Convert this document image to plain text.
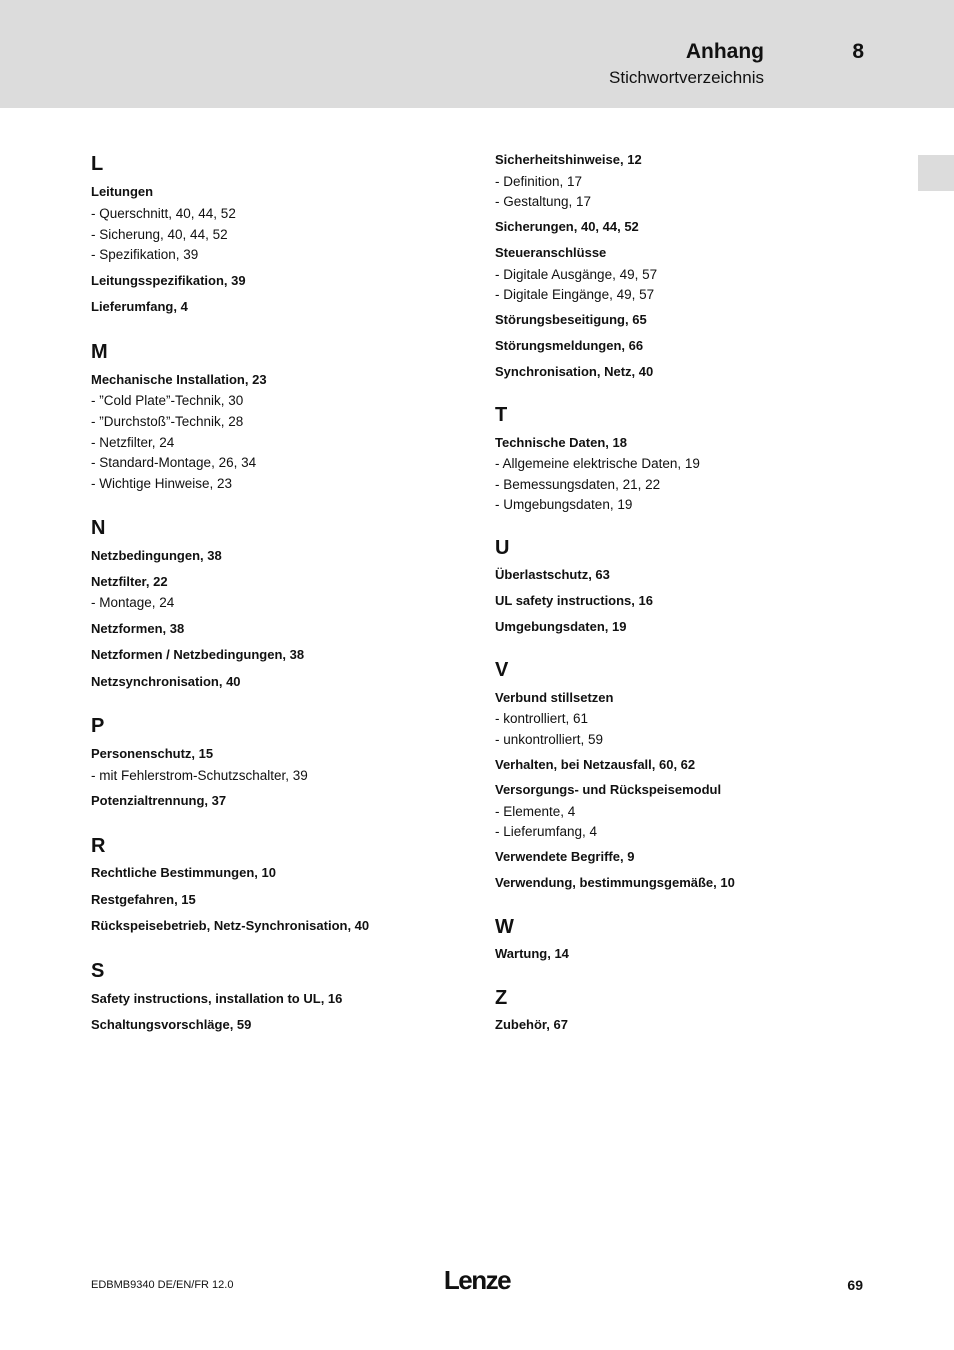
Anhang	8
Stichwortverzeichnis
L
Leitungen
- Querschnitt, 40, 44, 52
- Sicherung, 40, 44, 52
- Spezifikation, 39
Leitungsspezifikation, 39
Lieferumfang, 4
M
Mechanische Installation, 23
- ”Cold Plate”-Technik, 30
- ”Durchstoß”-Technik, 28
- Netzfilter, 24
- Standard-Montage, 26, 34
- Wichtige Hinweise, 23
N
Netzbedingungen, 38
Netzfilter, 22
- Montage, 24
Netzformen, 38
Netzformen / Netzbedingungen, 38
Netzsynchronisation, 40
P
Personenschutz, 15
- mit Fehlerstrom-Schutzschalter, 39
Potenzialtrennung, 37
R
Rechtliche Bestimmungen, 10
Restgefahren, 15
Rückspeisebetrieb, Netz-Synchronisation, 40
S
Safety instructions, installation to UL, 16
Schaltungsvorschläge, 59
Sicherheitshinweise, 12
- Definition, 17
- Gestaltung, 17
Sicherungen, 40, 44, 52
Steueranschlüsse
- Digitale Ausgänge, 49, 57
- Digitale Eingänge, 49, 57
Störungsbeseitigung, 65
Störungsmeldungen, 66
Synchronisation, Netz, 40
T
Technische Daten, 18
- Allgemeine elektrische Daten, 19
- Bemessungsdaten, 21, 22
- Umgebungsdaten, 19
U
Überlastschutz, 63
UL safety instructions, 16
Umgebungsdaten, 19
V
Verbund stillsetzen
- kontrolliert, 61
- unkontrolliert, 59
Verhalten, bei Netzausfall, 60, 62
Versorgungs- und Rückspeisemodul
- Elemente, 4
- Lieferumfang, 4
Verwendete Begriffe, 9
Verwendung, bestimmungsgemäße, 10
W
Wartung, 14
Z
Zubehör, 67
EDBMB9340 DE/EN/FR 12.0	Lenze	69
